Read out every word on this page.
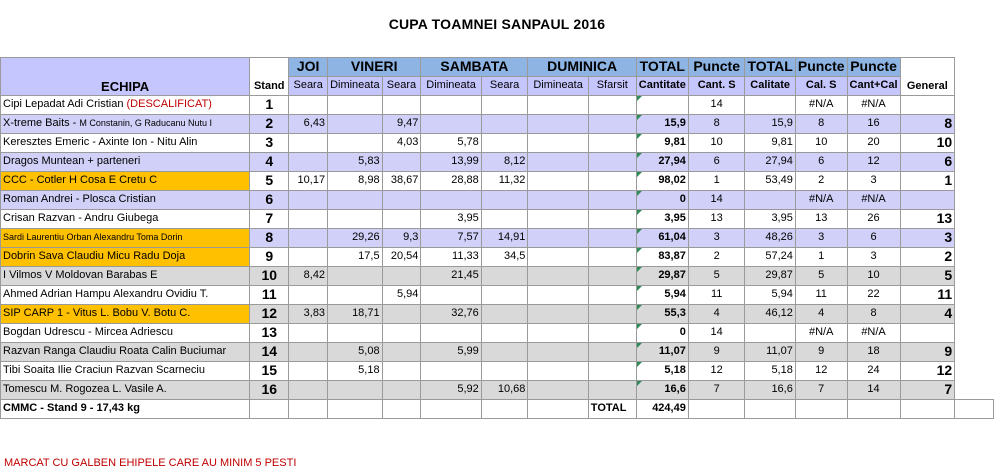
CUPA TOAMNEI SANPAUL 2016

ECHIPA	Stand	JOI	VINERI		SAMBATA		DUMINICA		TOTAL	Puncte	TOTAL	Puncte	Puncte	General	
		Seara	Dimineata	Seara	Dimineata	Seara	Dimineata	Sfarsit	Cantitate	Cant. S	Calitate	Cal. S	Cant+Cal		
Cipi Lepadat Adi Cristian (DESCALIFICAT)	1									14		#N/A	#N/A		
X-treme Baits - M Constanin, G Raducanu Nutu I	2	6,43		9,47					15,9	8	15,9	8	16	8	
Keresztes Emeric - Axinte Ion - Nitu Alin	3			4,03	5,78				9,81	10	9,81	10	20	10	
Dragos Muntean + parteneri	4		5,83		13,99	8,12			27,94	6	27,94	6	12	6	
CCC - Cotler H Cosa E Cretu C	5	10,17	8,98	38,67	28,88	11,32			98,02	1	53,49	2	3	1	
Roman Andrei - Plosca Cristian	6								0	14		#N/A	#N/A		
Crisan Razvan - Andru Giubega	7				3,95				3,95	13	3,95	13	26	13	
Sardi Laurentiu Orban Alexandru Toma Dorin	8		29,26	9,3	7,57	14,91			61,04	3	48,26	3	6	3	
Dobrin Sava Claudiu Micu Radu Doja	9		17,5	20,54	11,33	34,5			83,87	2	57,24	1	3	2	
I Vilmos V Moldovan Barabas E	10	8,42			21,45				29,87	5	29,87	5	10	5	
Ahmed Adrian Hampu Alexandru Ovidiu T.	11			5,94					5,94	11	5,94	11	22	11	
SIP CARP 1 - Vitus L. Bobu V. Botu C.	12	3,83	18,71		32,76				55,3	4	46,12	4	8	4	
Bogdan Udrescu - Mircea Adriescu	13								0	14		#N/A	#N/A		
Razvan Ranga Claudiu Roata Calin Buciumar	14		5,08		5,99				11,07	9	11,07	9	18	9	
Tibi Soaita Ilie Craciun Razvan Scarneciu	15		5,18						5,18	12	5,18	12	24	12	
Tomescu M. Rogozea L. Vasile A.	16				5,92	10,68			16,6	7	16,6	7	14	7	
CMMC - Stand 9 - 17,43 kg								TOTAL	424,49						
MARCAT CU GALBEN EHIPELE CARE AU MINIM 5 PESTI
